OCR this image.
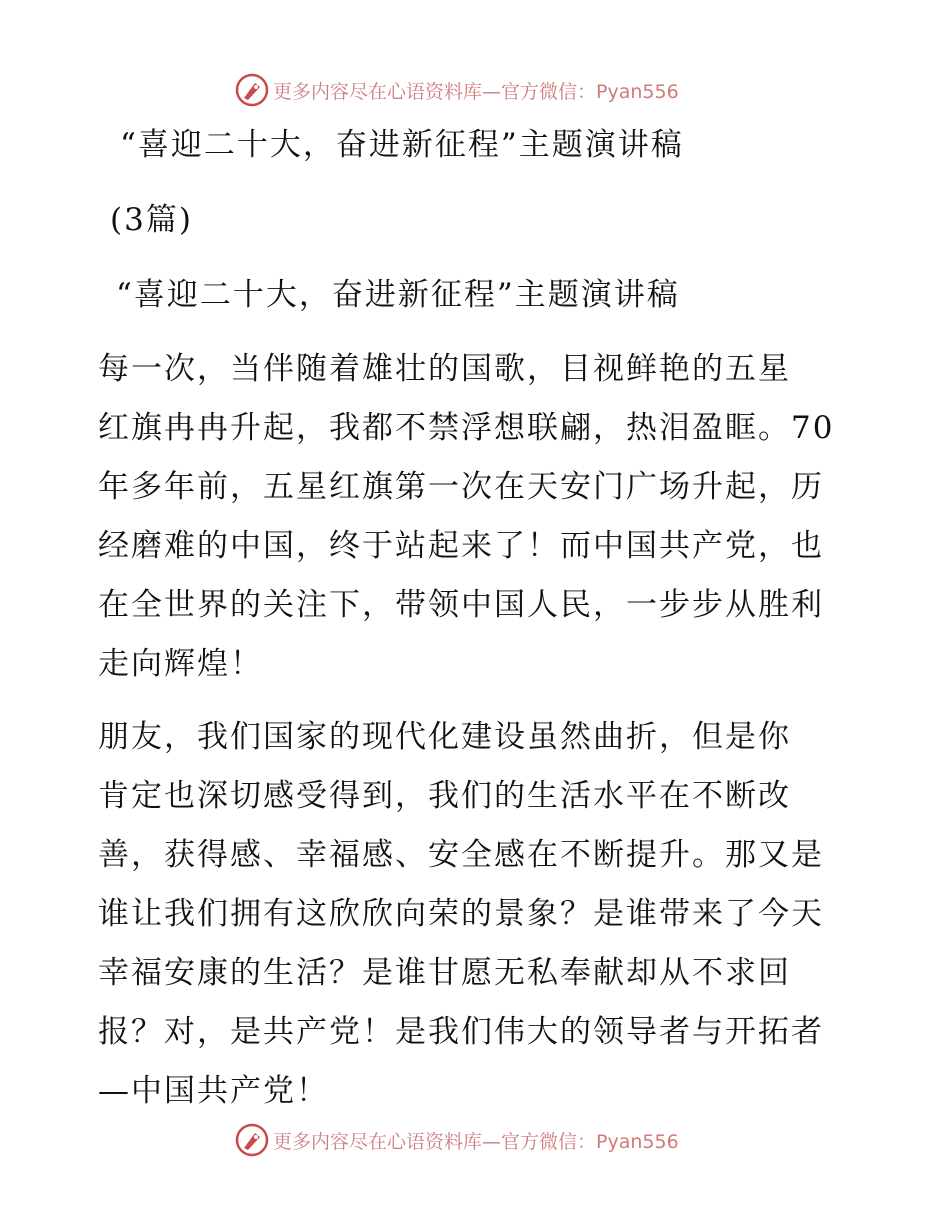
更多内容尽在心语资料库—官方微信：Pyan556
“喜迎二十大，奋进新征程”主题演讲稿
(3篇)
“喜迎二十大，奋进新征程”主题演讲稿
每一次，当伴随着雄壮的国歌，目视鲜艳的五星
红旗冉冉升起，我都不禁浮想联翩，热泪盈眶。70
年多年前，五星红旗第一次在天安门广场升起，历
经磨难的中国，终于站起来了！而中国共产党，也
在全世界的关注下，带领中国人民，一步步从胜利
走向辉煌！
朋友，我们国家的现代化建设虽然曲折，但是你
肯定也深切感受得到，我们的生活水平在不断改
善，获得感、幸福感、安全感在不断提升。那又是
谁让我们拥有这欣欣向荣的景象？是谁带来了今天
幸福安康的生活？是谁甘愿无私奉献却从不求回
报？对，是共产党！是我们伟大的领导者与开拓者
—中国共产党！
更多内容尽在心语资料库—官方微信：Pyan556
